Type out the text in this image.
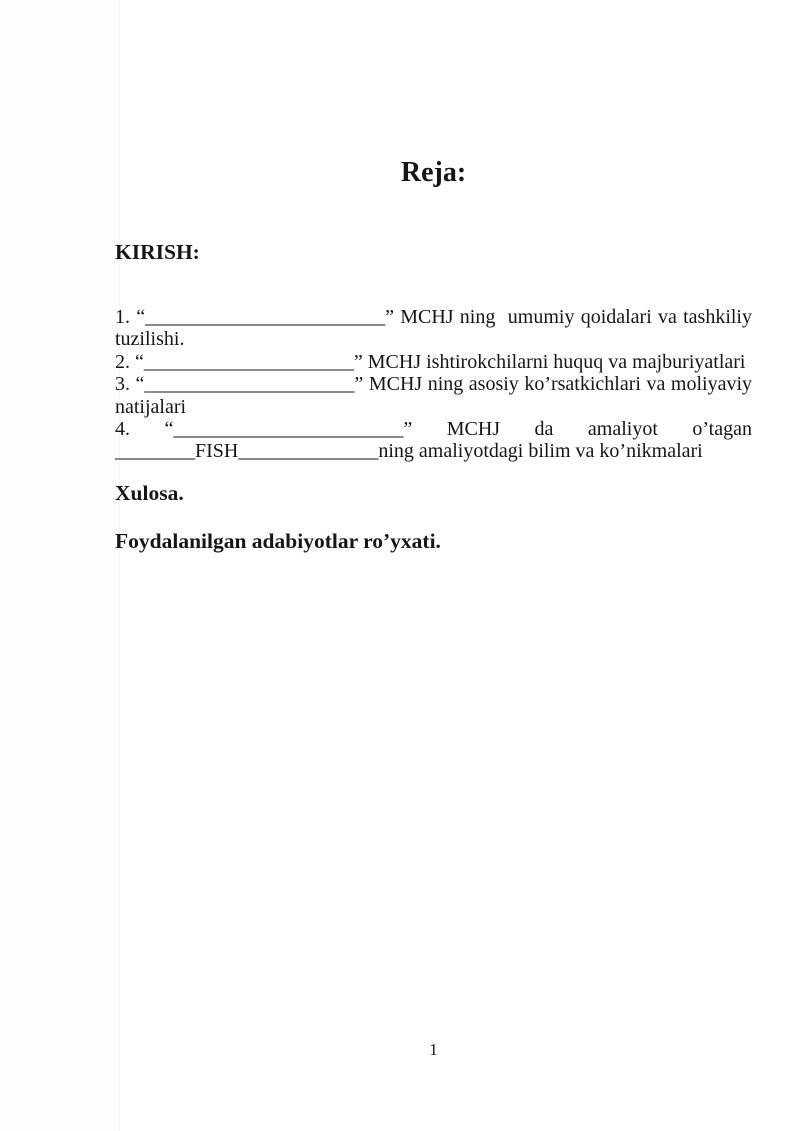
Reja:
KIRISH:
1. “________________________” MCHJ ning  umumiy qoidalari va tashkiliy
tuzilishi.
2. “_____________________” MCHJ ishtirokchilarni huquq va majburiyatlari
3. “_____________________” MCHJ ning asosiy ko’rsatkichlari va moliyaviy
natijalari
4. “_______________________” MCHJ da amaliyot o’tagan
________FISH______________ning amaliyotdagi bilim va ko’nikmalari
Xulosa.
Foydalanilgan adabiyotlar ro’yxati.
1
